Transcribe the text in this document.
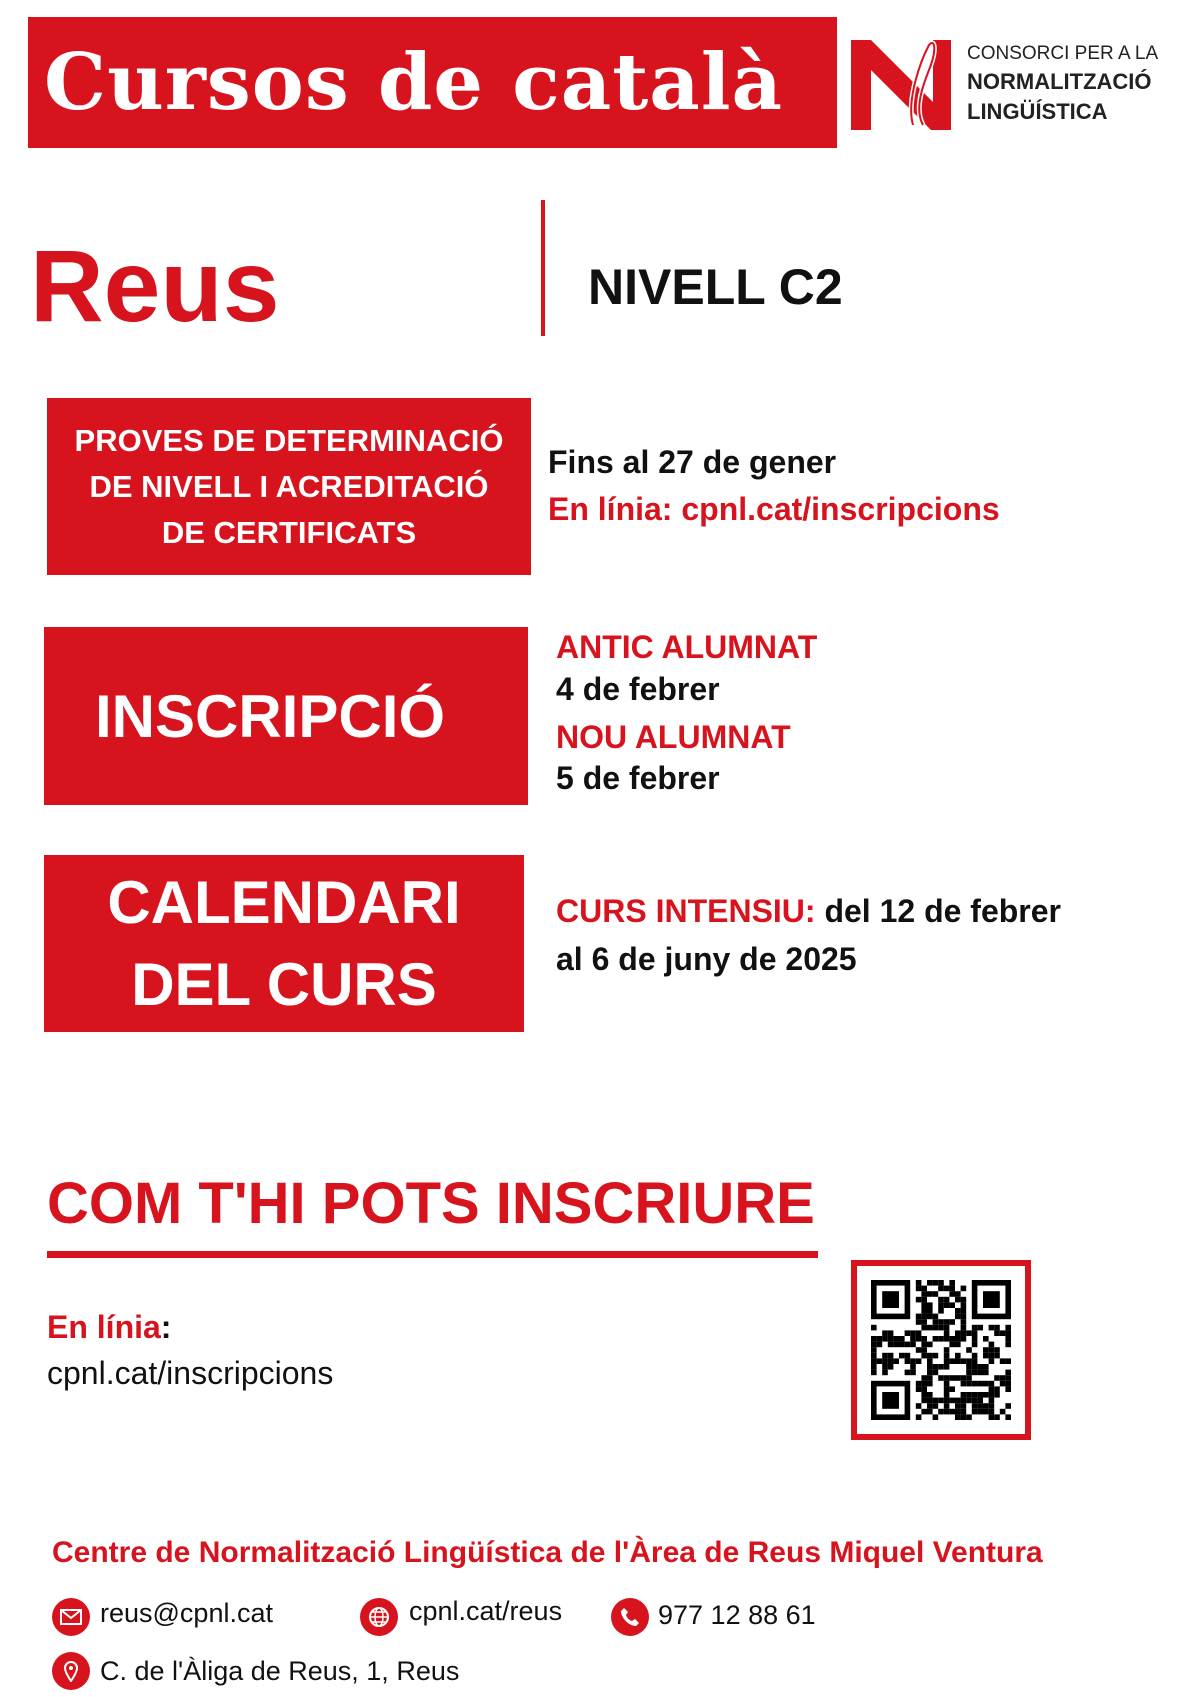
Cursos de català	CONSORCI PER A LA
NORMALITZACIÓ
LINGÜÍSTICA
Reus	NIVELL C2
PROVES DE DETERMINACIÓ
DE NIVELL I ACREDITACIÓ
DE CERTIFICATS
Fins al 27 de gener
En línia: cpnl.cat/inscripcions
INSCRIPCIÓ
ANTIC ALUMNAT
4 de febrer
NOU ALUMNAT
5 de febrer
CALENDARI
DEL CURS
CURS INTENSIU: del 12 de febrer
al 6 de juny de 2025
COM T'HI POTS INSCRIURE
En línia:
cpnl.cat/inscripcions
Centre de Normalització Lingüística de l'Àrea de Reus Miquel Ventura
reus@cpnl.cat	cpnl.cat/reus	977 12 88 61
C. de l'Àliga de Reus, 1, Reus
